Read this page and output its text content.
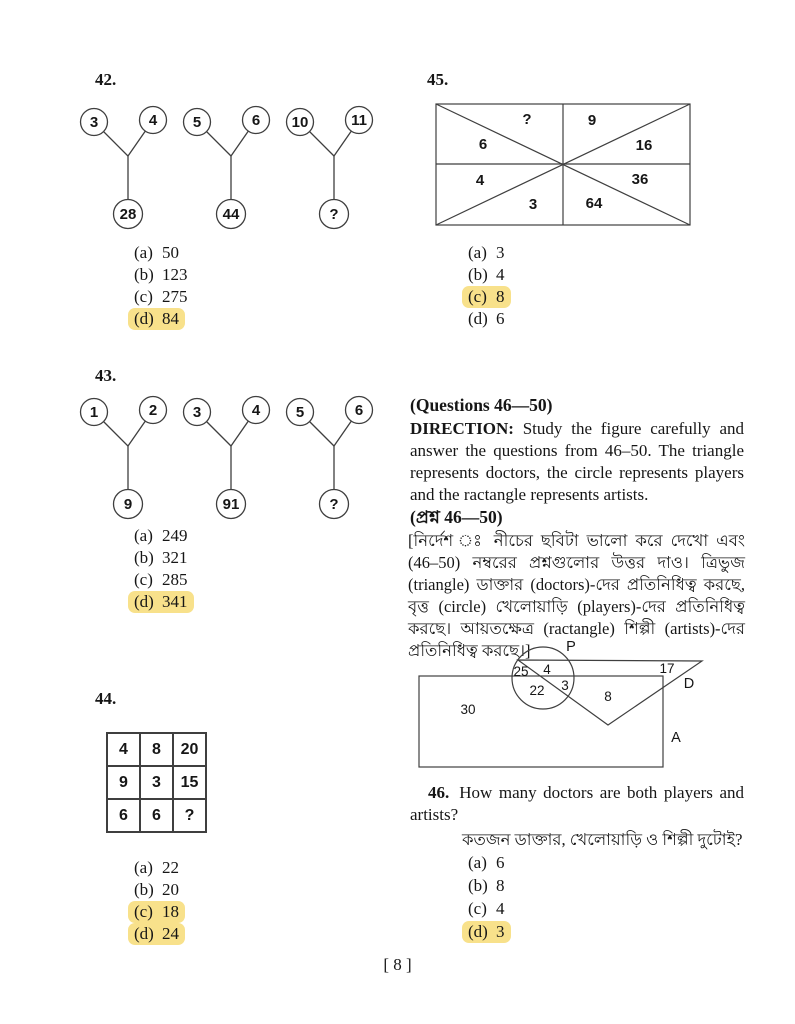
42.
3	4
28
5	6
44
10	11
?
(a) 50
(b) 123
(c) 275
(d) 84
45.
?	9
6	16
4	36
3	64
(a) 3
(b) 4
(c) 8
(d) 6
43.
1	2
9
3	4
91
5	6
?
(a) 249
(b) 321
(c) 285
(d) 341
(Questions 46—50)
DIRECTION: Study the figure carefully and answer the questions from 46–50. The triangle represents doctors, the circle represents players and the ractangle represents artists.
(প্রশ্ন 46—50)
[নির্দেশ ঃ নীচের ছবিটা ভালো করে দেখো এবং (46–50) নম্বরের প্রশ্নগুলোর উত্তর দাও। ত্রিভুজ (triangle) ডাক্তার (doctors)-দের প্রতিনিধিত্ব করছে, বৃত্ত (circle) খেলোয়াড়ি (players)-দের প্রতিনিধিত্ব করছে। আয়তক্ষেত্র (ractangle) শিল্পী (artists)-দের প্রতিনিধিত্ব করছে।]	P
D
A
25 4
22 3
8
30
17
44.
4	8	20
9	3	15
6	6	?
(a) 22
(b) 20
(c) 18
(d) 24
46. How many doctors are both players and artists?
কতজন ডাক্তার, খেলোয়াড়ি ও শিল্পী দুটোই?
(a) 6
(b) 8
(c) 4
(d) 3
[ 8 ]
